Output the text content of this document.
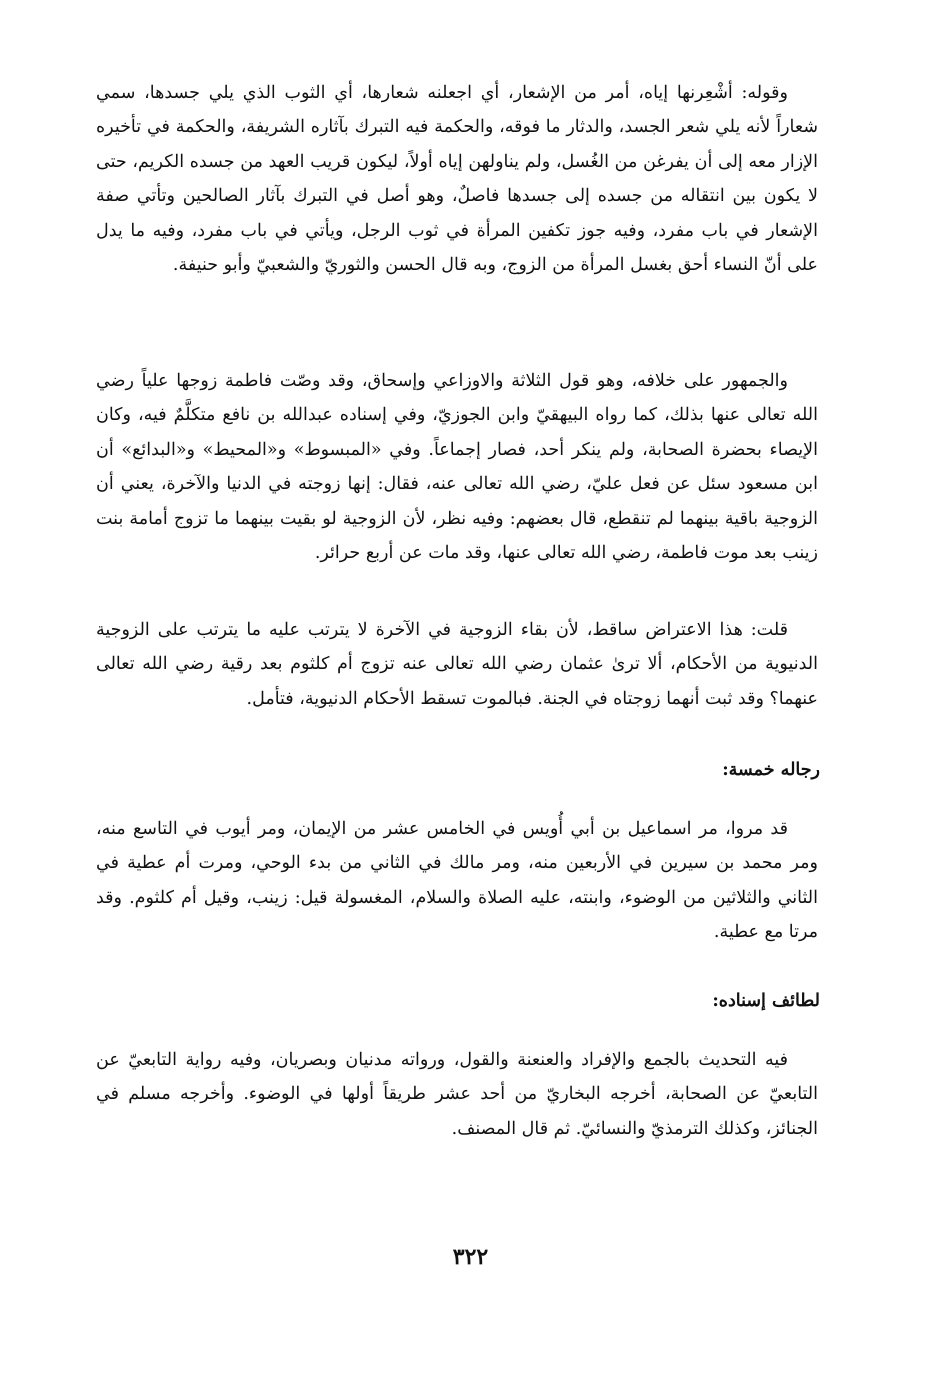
وقوله: أشْعِرنها إياه، أمر من الإشعار، أي اجعلنه شعارها، أي الثوب الذي يلي جسدها، سمي شعاراً لأنه يلي شعر الجسد، والدثار ما فوقه، والحكمة فيه التبرك بآثاره الشريفة، والحكمة في تأخيره الإزار معه إلى أن يفرغن من الغُسل، ولم يناولهن إياه أولاً، ليكون قريب العهد من جسده الكريم، حتى لا يكون بين انتقاله من جسده إلى جسدها فاصلٌ، وهو أصل في التبرك بآثار الصالحين وتأتي صفة الإشعار في باب مفرد، وفيه جوز تكفين المرأة في ثوب الرجل، ويأتي في باب مفرد، وفيه ما يدل على أنّ النساء أحق بغسل المرأة من الزوج، وبه قال الحسن والثوريّ والشعبيّ وأبو حنيفة.

والجمهور على خلافه، وهو قول الثلاثة والاوزاعي وإسحاق، وقد وصّت فاطمة زوجها علياً رضي الله تعالى عنها بذلك، كما رواه البيهقيّ وابن الجوزيّ، وفي إسناده عبدالله بن نافع متكلَّمٌ فيه، وكان الإيصاء بحضرة الصحابة، ولم ينكر أحد، فصار إجماعاً. وفي «المبسوط» و«المحيط» و«البدائع» أن ابن مسعود سئل عن فعل عليّ، رضي الله تعالى عنه، فقال: إنها زوجته في الدنيا والآخرة، يعني أن الزوجية باقية بينهما لم تنقطع، قال بعضهم: وفيه نظر، لأن الزوجية لو بقيت بينهما ما تزوج أمامة بنت زينب بعد موت فاطمة، رضي الله تعالى عنها، وقد مات عن أربع حرائر.

قلت: هذا الاعتراض ساقط، لأن بقاء الزوجية في الآخرة لا يترتب عليه ما يترتب على الزوجية الدنيوية من الأحكام، ألا ترىٰ عثمان رضي الله تعالى عنه تزوج أم كلثوم بعد رقية رضي الله تعالى عنهما؟ وقد ثبت أنهما زوجتاه في الجنة. فبالموت تسقط الأحكام الدنيوية، فتأمل.

رجاله خمسة:

قد مروا، مر اسماعيل بن أبي أُويس في الخامس عشر من الإيمان، ومر أيوب في التاسع منه، ومر محمد بن سيرين في الأربعين منه، ومر مالك في الثاني من بدء الوحي، ومرت أم عطية في الثاني والثلاثين من الوضوء، وابنته، عليه الصلاة والسلام، المغسولة قيل: زينب، وقيل أم كلثوم. وقد مرتا مع عطية.

لطائف إسناده:

فيه التحديث بالجمع والإفراد والعنعنة والقول، ورواته مدنيان وبصريان، وفيه رواية التابعيّ عن التابعيّ عن الصحابة، أخرجه البخاريّ من أحد عشر طريقاً أولها في الوضوء. وأخرجه مسلم في الجنائز، وكذلك الترمذيّ والنسائيّ. ثم قال المصنف.

٣٢٢
